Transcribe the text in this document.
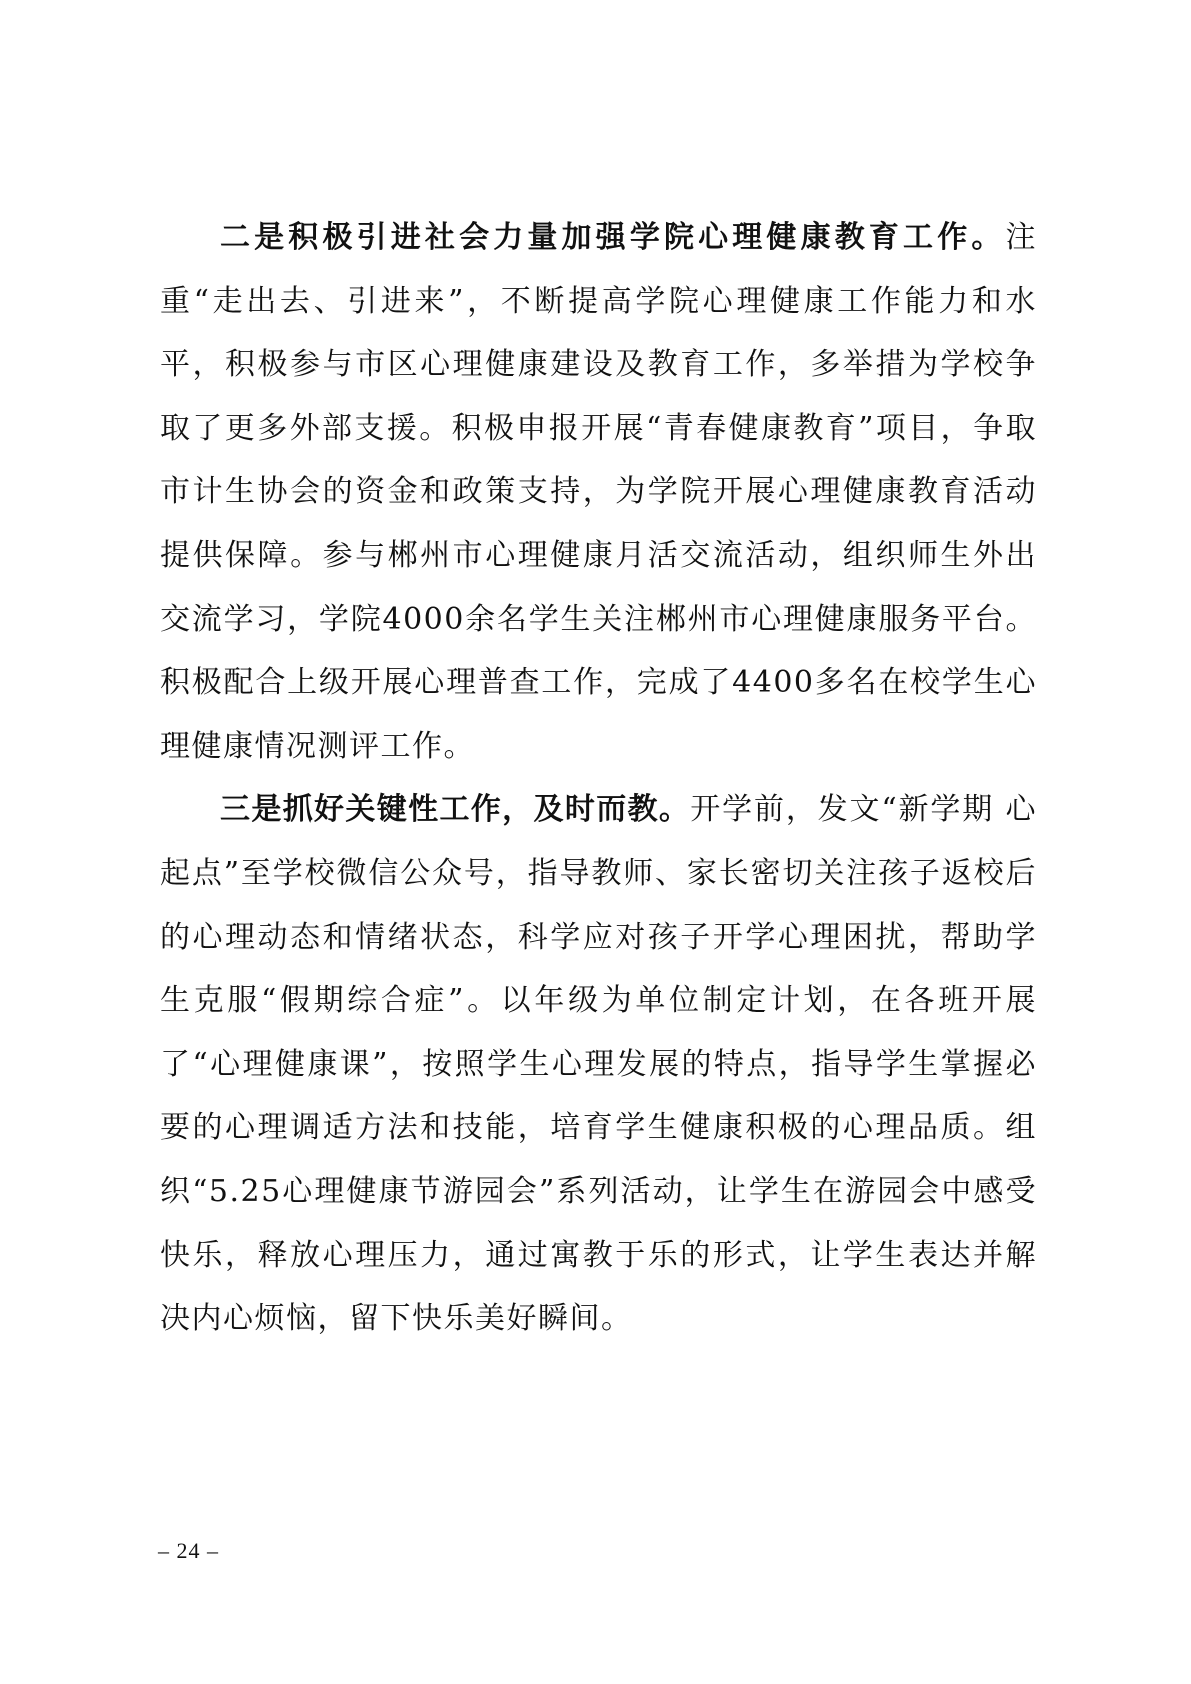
二是积极引进社会力量加强学院心理健康教育工作。注重“走出去、引进来”，不断提高学院心理健康工作能力和水平，积极参与市区心理健康建设及教育工作，多举措为学校争取了更多外部支援。积极申报开展“青春健康教育”项目，争取市计生协会的资金和政策支持，为学院开展心理健康教育活动提供保障。参与郴州市心理健康月活交流活动，组织师生外出交流学习，学院4000余名学生关注郴州市心理健康服务平台。积极配合上级开展心理普查工作，完成了4400多名在校学生心理健康情况测评工作。

三是抓好关键性工作，及时而教。开学前，发文“新学期 心起点”至学校微信公众号，指导教师、家长密切关注孩子返校后的心理动态和情绪状态，科学应对孩子开学心理困扰，帮助学生克服“假期综合症”。以年级为单位制定计划，在各班开展了“心理健康课”，按照学生心理发展的特点，指导学生掌握必要的心理调适方法和技能，培育学生健康积极的心理品质。组织“5.25心理健康节游园会”系列活动，让学生在游园会中感受快乐，释放心理压力，通过寓教于乐的形式，让学生表达并解决内心烦恼，留下快乐美好瞬间。

– 24 –
